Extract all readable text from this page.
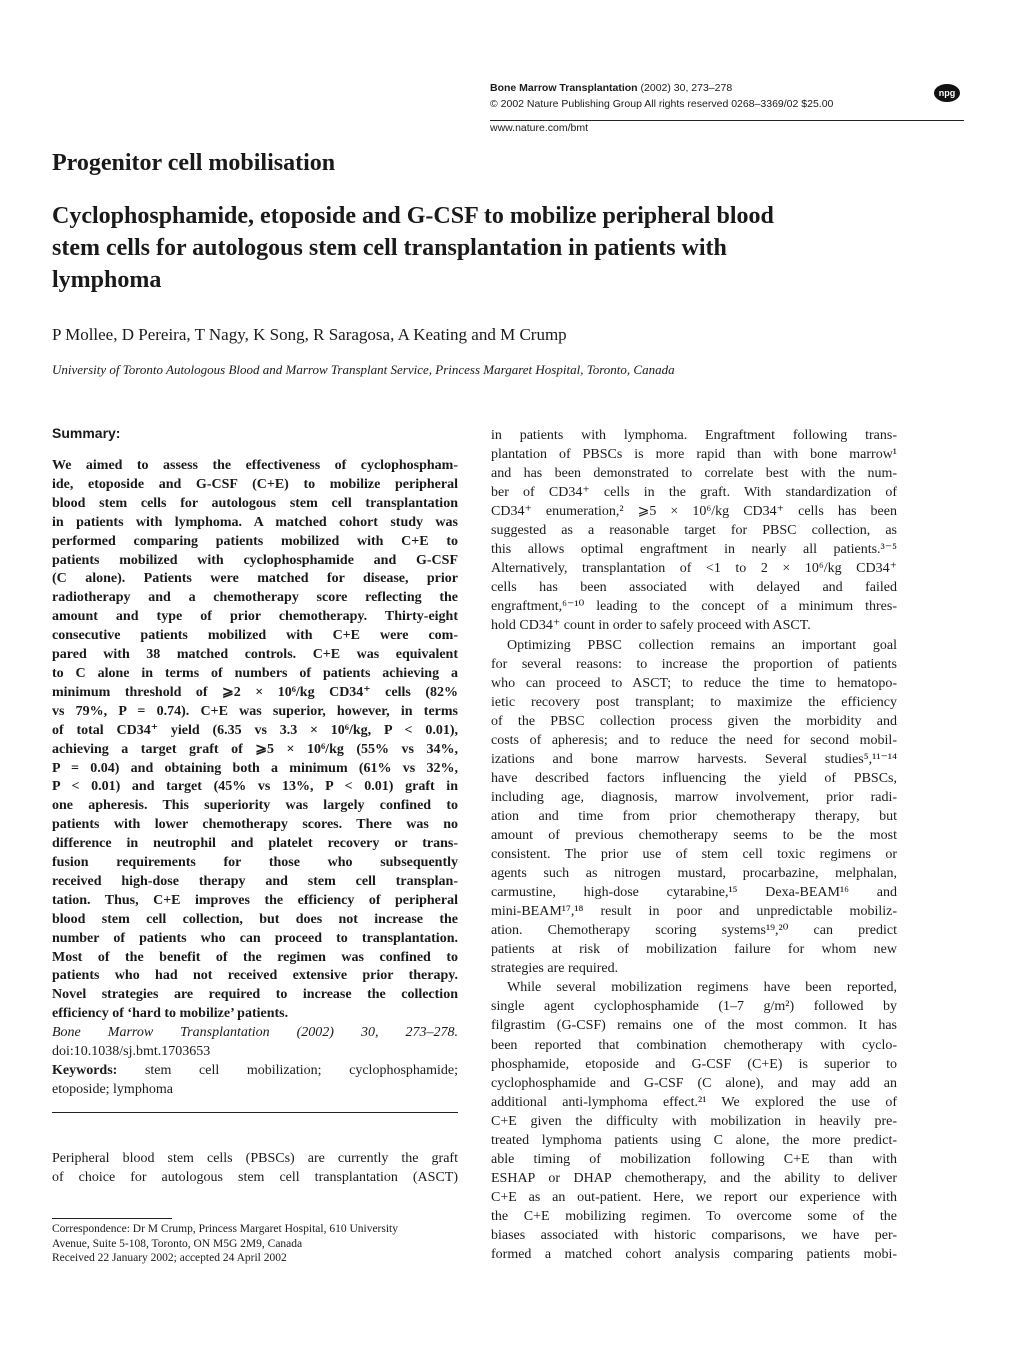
Bone Marrow Transplantation (2002) 30, 273–278
© 2002 Nature Publishing Group All rights reserved 0268–3369/02 $25.00
npg
www.nature.com/bmt
Progenitor cell mobilisation
Cyclophosphamide, etoposide and G-CSF to mobilize peripheral blood
stem cells for autologous stem cell transplantation in patients with
lymphoma
P Mollee, D Pereira, T Nagy, K Song, R Saragosa, A Keating and M Crump
University of Toronto Autologous Blood and Marrow Transplant Service, Princess Margaret Hospital, Toronto, Canada
Summary:
We aimed to assess the effectiveness of cyclophospham-
ide, etoposide and G-CSF (C+E) to mobilize peripheral
blood stem cells for autologous stem cell transplantation
in patients with lymphoma. A matched cohort study was
performed comparing patients mobilized with C+E to
patients mobilized with cyclophosphamide and G-CSF
(C alone). Patients were matched for disease, prior
radiotherapy and a chemotherapy score reflecting the
amount and type of prior chemotherapy. Thirty-eight
consecutive patients mobilized with C+E were com-
pared with 38 matched controls. C+E was equivalent
to C alone in terms of numbers of patients achieving a
minimum threshold of ⩾2 × 10⁶/kg CD34⁺ cells (82%
vs 79%, P = 0.74). C+E was superior, however, in terms
of total CD34⁺ yield (6.35 vs 3.3 × 10⁶/kg, P < 0.01),
achieving a target graft of ⩾5 × 10⁶/kg (55% vs 34%,
P = 0.04) and obtaining both a minimum (61% vs 32%,
P < 0.01) and target (45% vs 13%, P < 0.01) graft in
one apheresis. This superiority was largely confined to
patients with lower chemotherapy scores. There was no
difference in neutrophil and platelet recovery or trans-
fusion requirements for those who subsequently
received high-dose therapy and stem cell transplan-
tation. Thus, C+E improves the efficiency of peripheral
blood stem cell collection, but does not increase the
number of patients who can proceed to transplantation.
Most of the benefit of the regimen was confined to
patients who had not received extensive prior therapy.
Novel strategies are required to increase the collection
efficiency of ‘hard to mobilize’ patients.
Bone Marrow Transplantation (2002) 30, 273–278.
doi:10.1038/sj.bmt.1703653
Keywords: stem cell mobilization; cyclophosphamide;
etoposide; lymphoma
Peripheral blood stem cells (PBSCs) are currently the graft
of choice for autologous stem cell transplantation (ASCT)
Correspondence: Dr M Crump, Princess Margaret Hospital, 610 University
Avenue, Suite 5-108, Toronto, ON M5G 2M9, Canada
Received 22 January 2002; accepted 24 April 2002
in patients with lymphoma. Engraftment following trans-
plantation of PBSCs is more rapid than with bone marrow¹
and has been demonstrated to correlate best with the num-
ber of CD34⁺ cells in the graft. With standardization of
CD34⁺ enumeration,² ⩾5 × 10⁶/kg CD34⁺ cells has been
suggested as a reasonable target for PBSC collection, as
this allows optimal engraftment in nearly all patients.³⁻⁵
Alternatively, transplantation of <1 to 2 × 10⁶/kg CD34⁺
cells has been associated with delayed and failed
engraftment,⁶⁻¹⁰ leading to the concept of a minimum thres-
hold CD34⁺ count in order to safely proceed with ASCT.
Optimizing PBSC collection remains an important goal
for several reasons: to increase the proportion of patients
who can proceed to ASCT; to reduce the time to hematopo-
ietic recovery post transplant; to maximize the efficiency
of the PBSC collection process given the morbidity and
costs of apheresis; and to reduce the need for second mobil-
izations and bone marrow harvests. Several studies⁵,¹¹⁻¹⁴
have described factors influencing the yield of PBSCs,
including age, diagnosis, marrow involvement, prior radi-
ation and time from prior chemotherapy therapy, but
amount of previous chemotherapy seems to be the most
consistent. The prior use of stem cell toxic regimens or
agents such as nitrogen mustard, procarbazine, melphalan,
carmustine, high-dose cytarabine,¹⁵ Dexa-BEAM¹⁶ and
mini-BEAM¹⁷,¹⁸ result in poor and unpredictable mobiliz-
ation. Chemotherapy scoring systems¹⁹,²⁰ can predict
patients at risk of mobilization failure for whom new
strategies are required.
While several mobilization regimens have been reported,
single agent cyclophosphamide (1–7 g/m²) followed by
filgrastim (G-CSF) remains one of the most common. It has
been reported that combination chemotherapy with cyclo-
phosphamide, etoposide and G-CSF (C+E) is superior to
cyclophosphamide and G-CSF (C alone), and may add an
additional anti-lymphoma effect.²¹ We explored the use of
C+E given the difficulty with mobilization in heavily pre-
treated lymphoma patients using C alone, the more predict-
able timing of mobilization following C+E than with
ESHAP or DHAP chemotherapy, and the ability to deliver
C+E as an out-patient. Here, we report our experience with
the C+E mobilizing regimen. To overcome some of the
biases associated with historic comparisons, we have per-
formed a matched cohort analysis comparing patients mobi-
